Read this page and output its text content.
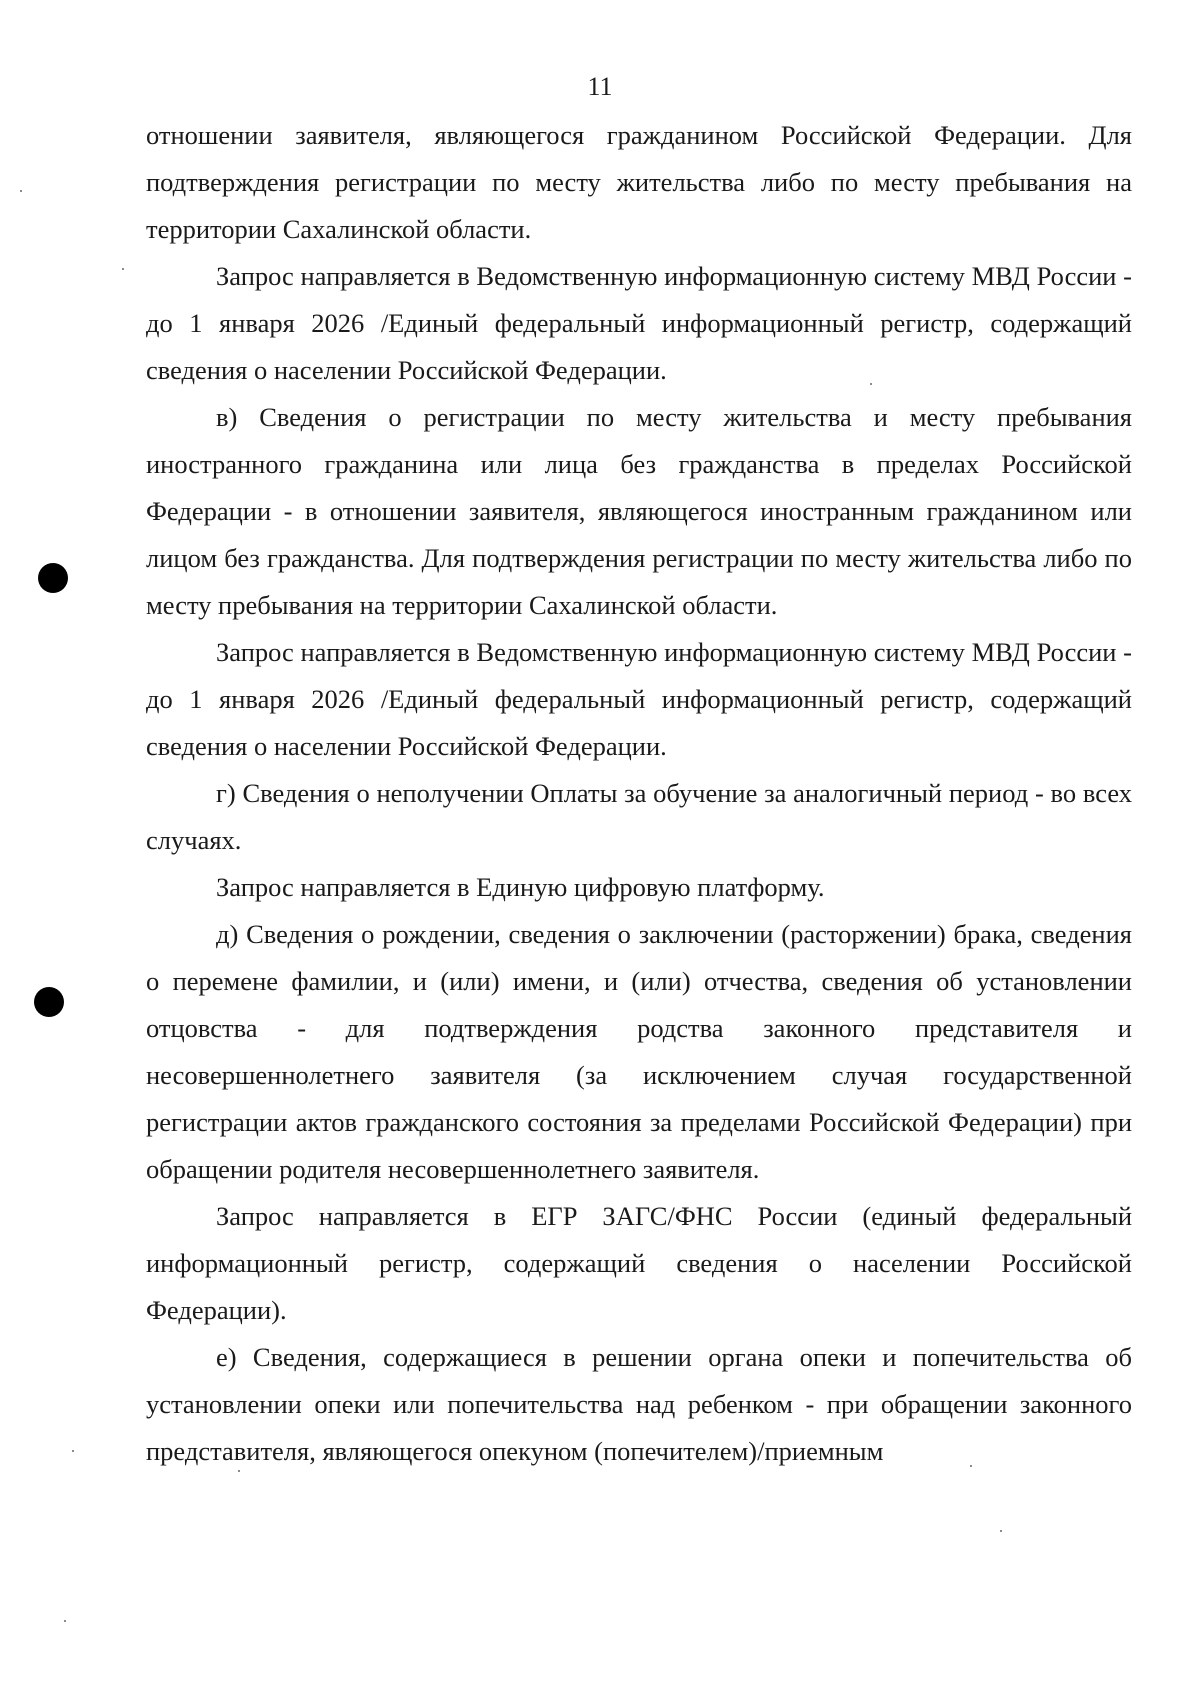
11

отношении заявителя, являющегося гражданином Российской Федерации. Для подтверждения регистрации по месту жительства либо по месту пребывания на территории Сахалинской области.

Запрос направляется в Ведомственную информационную систему МВД России - до 1 января 2026 /Единый федеральный информационный регистр, содержащий сведения о населении Российской Федерации.

в) Сведения о регистрации по месту жительства и месту пребывания иностранного гражданина или лица без гражданства в пределах Российской Федерации - в отношении заявителя, являющегося иностранным гражданином или лицом без гражданства. Для подтверждения регистрации по месту жительства либо по месту пребывания на территории Сахалинской области.

Запрос направляется в Ведомственную информационную систему МВД России - до 1 января 2026 /Единый федеральный информационный регистр, содержащий сведения о населении Российской Федерации.

г) Сведения о неполучении Оплаты за обучение за аналогичный период - во всех случаях.

Запрос направляется в Единую цифровую платформу.

д) Сведения о рождении, сведения о заключении (расторжении) брака, сведения о перемене фамилии, и (или) имени, и (или) отчества, сведения об установлении отцовства - для подтверждения родства законного представителя и несовершеннолетнего заявителя (за исключением случая государственной регистрации актов гражданского состояния за пределами Российской Федерации) при обращении родителя несовершеннолетнего заявителя.

Запрос направляется в ЕГР ЗАГС/ФНС России (единый федеральный информационный регистр, содержащий сведения о населении Российской Федерации).

е) Сведения, содержащиеся в решении органа опеки и попечительства об установлении опеки или попечительства над ребенком - при обращении законного представителя, являющегося опекуном (попечителем)/приемным
